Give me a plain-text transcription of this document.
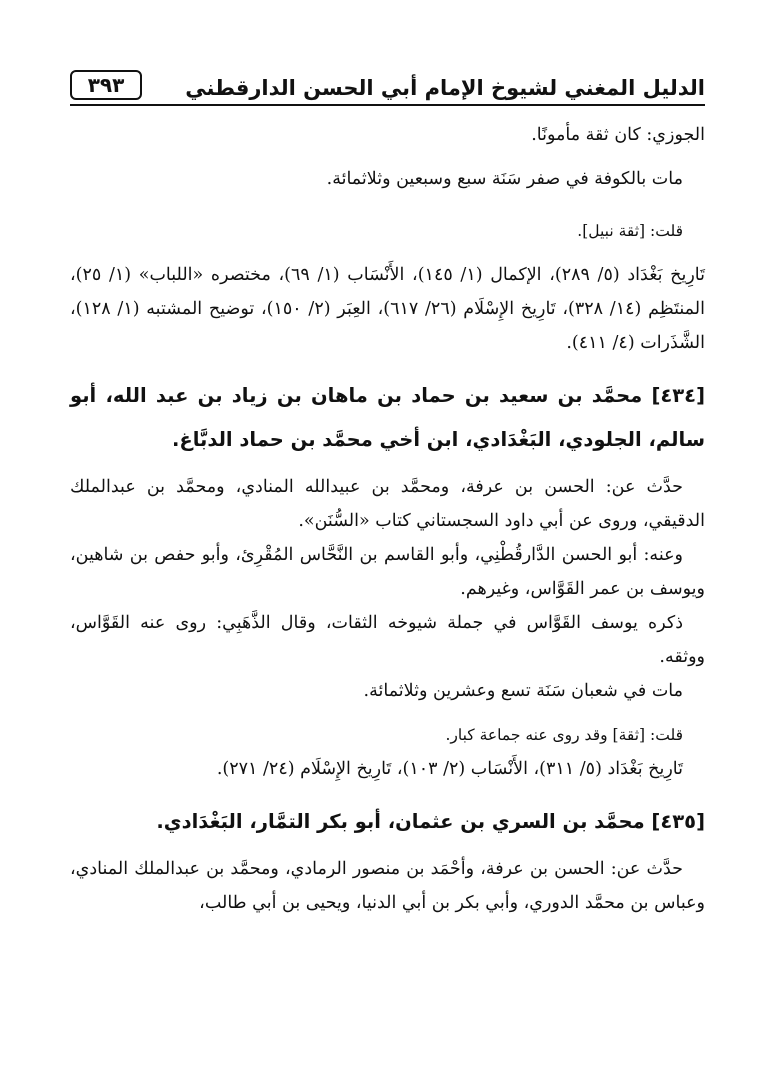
الدليل المغني لشيوخ الإمام أبي الحسن الدارقطني
٣٩٣

الجوزي: كان ثقة مأمونًا.

مات بالكوفة في صفر سَنَة سبع وسبعين وثلاثمائة.

قلت: [ثقة نبيل].

تَارِيخ بَغْدَاد (٥/ ٢٨٩)، الإكمال (١/ ١٤٥)، الأَنْسَاب (١/ ٦٩)، مختصره «اللباب» (١/ ٢٥)، المنتَظِم (١٤/ ٣٢٨)، تَارِيخ الإِسْلَام (٢٦/ ٦١٧)، العِبَر (٢/ ١٥٠)، توضيح المشتبه (١/ ١٢٨)، الشَّذَرات (٤/ ٤١١).

[٤٣٤] محمَّد بن سعيد بن حماد بن ماهان بن زياد بن عبد الله، أبو سالم، الجلودي، البَغْدَادي، ابن أخي محمَّد بن حماد الدبَّاغ.

حدَّث عن: الحسن بن عرفة، ومحمَّد بن عبيدالله المنادي، ومحمَّد بن عبدالملك الدقيقي، وروى عن أبي داود السجستاني كتاب «السُّنَن».

وعنه: أبو الحسن الدَّارقُطْنِي، وأبو القاسم بن النَّحَّاس المُقْرِئ، وأبو حفص بن شاهين، ويوسف بن عمر القَوَّاس، وغيرهم.

ذكره يوسف القَوَّاس في جملة شيوخه الثقات، وقال الذَّهَبِي: روى عنه القَوَّاس، ووثقه.

مات في شعبان سَنَة تسع وعشرين وثلاثمائة.

قلت: [ثقة] وقد روى عنه جماعة كبار.

تَارِيخ بَغْدَاد (٥/ ٣١١)، الأَنْسَاب (٢/ ١٠٣)، تَارِيخ الإِسْلَام (٢٤/ ٢٧١).

[٤٣٥] محمَّد بن السري بن عثمان، أبو بكر التمَّار، البَغْدَادي.

حدَّث عن: الحسن بن عرفة، وأحْمَد بن منصور الرمادي، ومحمَّد بن عبدالملك المنادي، وعباس بن محمَّد الدوري، وأبي بكر بن أبي الدنيا، ويحيى بن أبي طالب،
